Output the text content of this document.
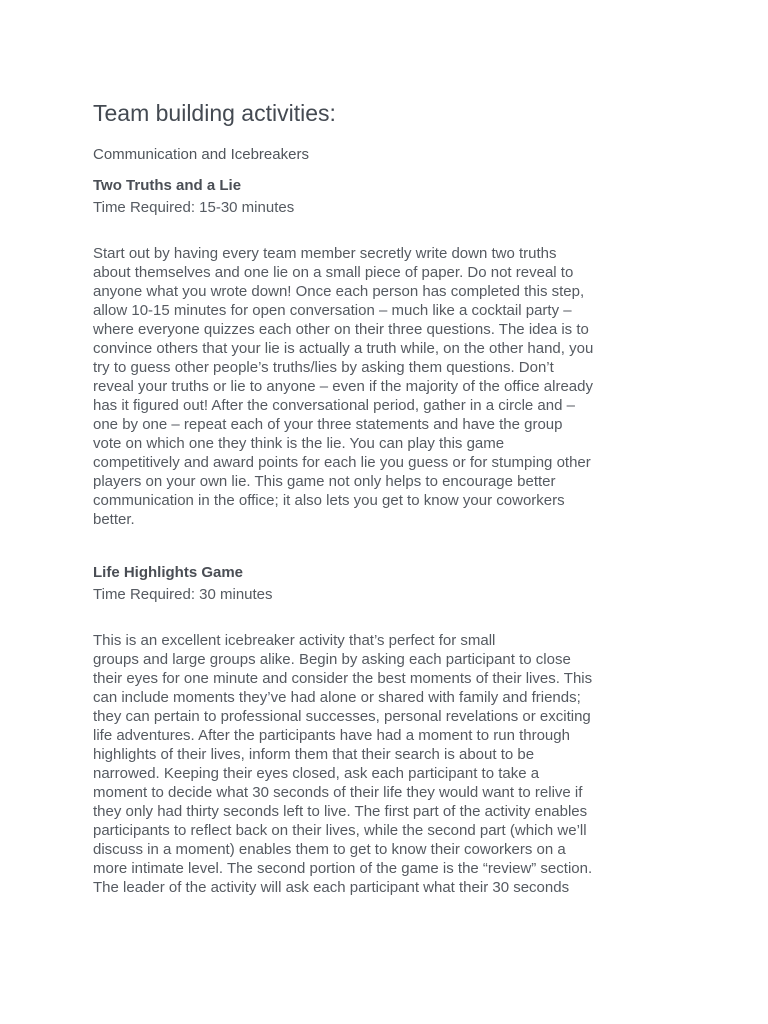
Team building activities:
Communication and Icebreakers
Two Truths and a Lie
Time Required: 15-30 minutes

Start out by having every team member secretly write down two truths
about themselves and one lie on a small piece of paper. Do not reveal to
anyone what you wrote down! Once each person has completed this step,
allow 10-15 minutes for open conversation – much like a cocktail party –
where everyone quizzes each other on their three questions. The idea is to
convince others that your lie is actually a truth while, on the other hand, you
try to guess other people’s truths/lies by asking them questions. Don’t
reveal your truths or lie to anyone – even if the majority of the office already
has it figured out! After the conversational period, gather in a circle and –
one by one – repeat each of your three statements and have the group
vote on which one they think is the lie. You can play this game
competitively and award points for each lie you guess or for stumping other
players on your own lie. This game not only helps to encourage better
communication in the office; it also lets you get to know your coworkers
better.

Life Highlights Game
Time Required: 30 minutes

This is an excellent icebreaker activity that’s perfect for small
groups and large groups alike. Begin by asking each participant to close
their eyes for one minute and consider the best moments of their lives. This
can include moments they’ve had alone or shared with family and friends;
they can pertain to professional successes, personal revelations or exciting
life adventures. After the participants have had a moment to run through
highlights of their lives, inform them that their search is about to be
narrowed. Keeping their eyes closed, ask each participant to take a
moment to decide what 30 seconds of their life they would want to relive if
they only had thirty seconds left to live. The first part of the activity enables
participants to reflect back on their lives, while the second part (which we’ll
discuss in a moment) enables them to get to know their coworkers on a
more intimate level. The second portion of the game is the “review” section.
The leader of the activity will ask each participant what their 30 seconds
